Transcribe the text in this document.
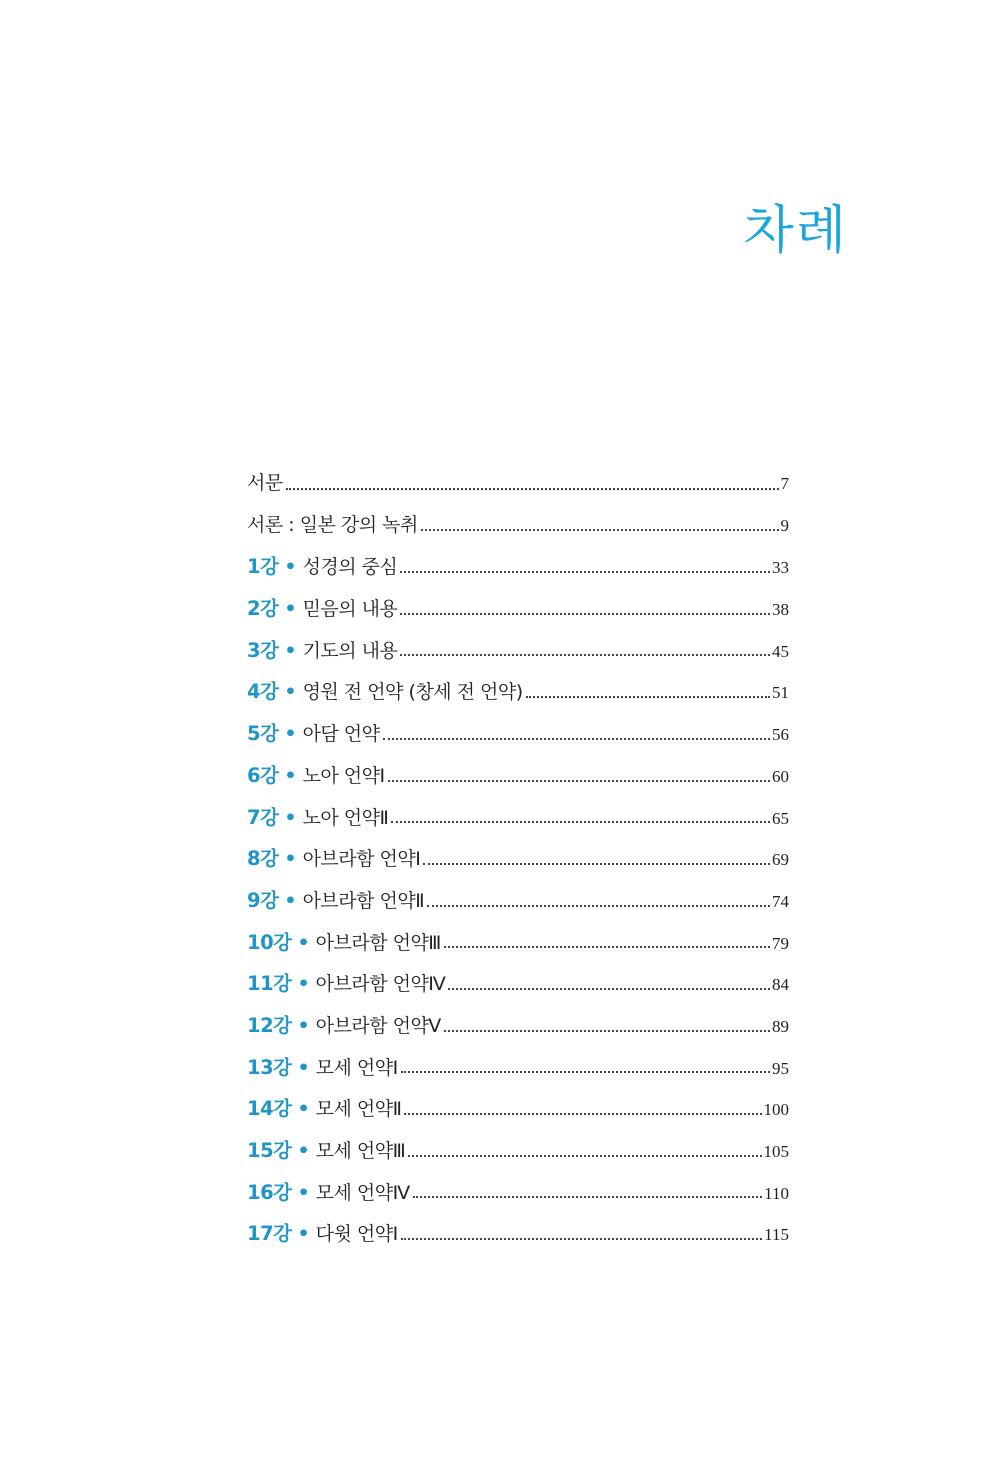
차례
서문	7
서론 : 일본 강의 녹취	9
1강 • 성경의 중심	33
2강 • 믿음의 내용	38
3강 • 기도의 내용	45
4강 • 영원 전 언약 (창세 전 언약)	51
5강 • 아담 언약	56
6강 • 노아 언약Ⅰ	60
7강 • 노아 언약Ⅱ	65
8강 • 아브라함 언약Ⅰ	69
9강 • 아브라함 언약Ⅱ	74
10강 • 아브라함 언약Ⅲ	79
11강 • 아브라함 언약Ⅳ	84
12강 • 아브라함 언약Ⅴ	89
13강 • 모세 언약Ⅰ	95
14강 • 모세 언약Ⅱ	100
15강 • 모세 언약Ⅲ	105
16강 • 모세 언약Ⅳ	110
17강 • 다윗 언약Ⅰ	115
